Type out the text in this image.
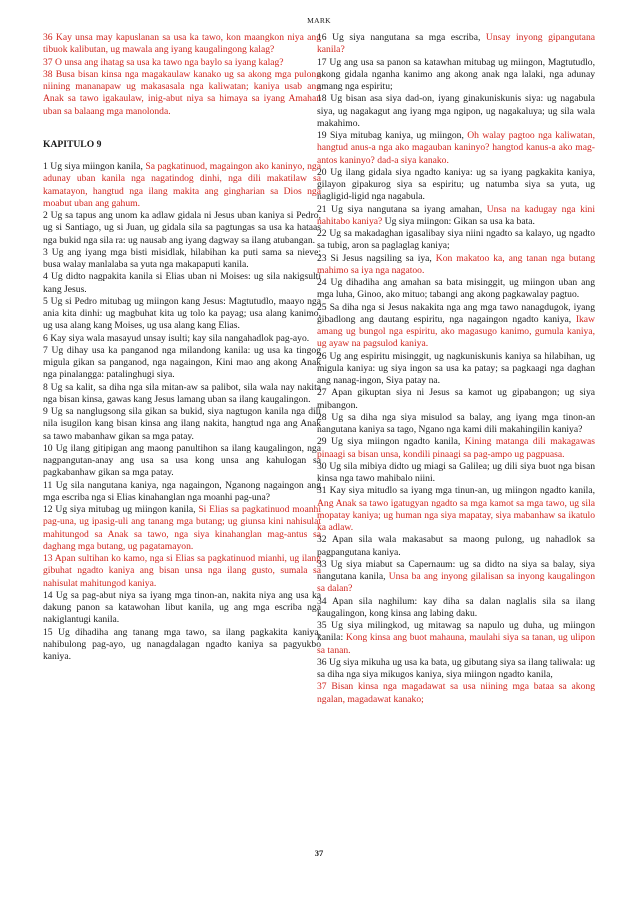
MARK

36 Kay unsa may kapuslanan sa usa ka tawo, kon maangkon niya ang tibuok kalibutan, ug mawala ang iyang kaugalingong kalag?

37 O unsa ang ihatag sa usa ka tawo nga baylo sa iyang kalag?

38 Busa bisan kinsa nga magakaulaw kanako ug sa akong mga pulong niining mananapaw ug makasasala nga kaliwatan; kaniya usab ang Anak sa tawo igakaulaw, inig-abut niya sa himaya sa iyang Amahan uban sa balaang mga manolonda.

KAPITULO 9

1 Ug siya miingon kanila, Sa pagkatinuod, magaingon ako kaninyo, nga adunay uban kanila nga nagatindog dinhi, nga dili makatilaw sa kamatayon, hangtud nga ilang makita ang gingharian sa Dios nga moabut uban ang gahum.

2 Ug sa tapus ang unom ka adlaw gidala ni Jesus uban kaniya si Pedro, ug si Santiago, ug si Juan, ug gidala sila sa pagtungas sa usa ka hataas nga bukid nga sila ra: ug nausab ang iyang dagway sa ilang atubangan.

3 Ug ang iyang mga bisti misidlak, hilabihan ka puti sama sa nieve; busa walay manlalaba sa yuta nga makapaputi kanila.

4 Ug didto nagpakita kanila si Elias uban ni Moises: ug sila nakigsulti kang Jesus.

5 Ug si Pedro mitubag ug miingon kang Jesus: Magtutudlo, maayo nga ania kita dinhi: ug magbuhat kita ug tolo ka payag; usa alang kanimo, ug usa alang kang Moises, ug usa alang kang Elias.

6 Kay siya wala masayud unsay isulti; kay sila nangahadlok pag-ayo.

7 Ug dihay usa ka panganod nga milandong kanila: ug usa ka tingog migula gikan sa panganod, nga nagaingon, Kini mao ang akong Anak nga pinalangga: patalinghugi siya.

8 Ug sa kalit, sa diha nga sila mitan-aw sa palibot, sila wala nay nakita nga bisan kinsa, gawas kang Jesus lamang uban sa ilang kaugalingon.

9 Ug sa nanglugsong sila gikan sa bukid, siya nagtugon kanila nga dili nila isugilon kang bisan kinsa ang ilang nakita, hangtud nga ang Anak sa tawo mabanhaw gikan sa mga patay.

10 Ug ilang gitipigan ang maong panultihon sa ilang kaugalingon, nga nagpangutan-anay ang usa sa usa kong unsa ang kahulogan sa pagkabanhaw gikan sa mga patay.

11 Ug sila nangutana kaniya, nga nagaingon, Nganong nagaingon ang mga escriba nga si Elias kinahanglan nga moanhi pag-una?

12 Ug siya mitubag ug miingon kanila, Si Elias sa pagkatinuod moanhi pag-una, ug ipasig-uli ang tanang mga butang; ug giunsa kini nahisulat mahitungod sa Anak sa tawo, nga siya kinahanglan mag-antus sa daghang mga butang, ug pagatamayon.

13 Apan sultihan ko kamo, nga si Elias sa pagkatinuod mianhi, ug ilang gibuhat ngadto kaniya ang bisan unsa nga ilang gusto, sumala sa nahisulat mahitungod kaniya.

14 Ug sa pag-abut niya sa iyang mga tinon-an, nakita niya ang usa ka dakung panon sa katawohan libut kanila, ug ang mga escriba nga nakiglantugi kanila.

15 Ug dihadiha ang tanang mga tawo, sa ilang pagkakita kaniya, nahibulong pag-ayo, ug nanagdalagan ngadto kaniya sa pagyukbo kaniya.

16 Ug siya nangutana sa mga escriba, Unsay inyong gipangutana kanila?

17 Ug ang usa sa panon sa katawhan mitubag ug miingon, Magtutudlo, akong gidala nganha kanimo ang akong anak nga lalaki, nga adunay amang nga espiritu;

18 Ug bisan asa siya dad-on, iyang ginakuniskunis siya: ug nagabula siya, ug nagakagut ang iyang mga ngipon, ug nagakaluya; ug sila wala makahimo.

19 Siya mitubag kaniya, ug miingon, Oh walay pagtoo nga kaliwatan, hangtud anus-a nga ako magauban kaninyo? hangtod kanus-a ako mag-antos kaninyo? dad-a siya kanako.

20 Ug ilang gidala siya ngadto kaniya: ug sa iyang pagkakita kaniya, gilayon gipakurog siya sa espiritu; ug natumba siya sa yuta, ug nagligid-ligid nga nagabula.

21 Ug siya nangutana sa iyang amahan, Unsa na kadugay nga kini nahitabo kaniya? Ug siya miingon: Gikan sa usa ka bata.

22 Ug sa makadaghan igasalibay siya niini ngadto sa kalayo, ug ngadto sa tubig, aron sa paglaglag kaniya;

23 Si Jesus nagsiling sa iya, Kon makatoo ka, ang tanan nga butang mahimo sa iya nga nagatoo.

24 Ug dihadiha ang amahan sa bata misinggit, ug miingon uban ang mga luha, Ginoo, ako mituo; tabangi ang akong pagkawalay pagtuo.

25 Sa diha nga si Jesus nakakita nga ang mga tawo nanagdugok, iyang gibadlong ang dautang espiritu, nga nagaingon ngadto kaniya, Ikaw amang ug bungol nga espiritu, ako magasugo kanimo, gumula kaniya, ug ayaw na pagsulod kaniya.

26 Ug ang espiritu misinggit, ug nagkuniskunis kaniya sa hilabihan, ug migula kaniya: ug siya ingon sa usa ka patay; sa pagkaagi nga daghan ang nanag-ingon, Siya patay na.

27 Apan gikuptan siya ni Jesus sa kamot ug gipabangon; ug siya mibangon.

28 Ug sa diha nga siya misulod sa balay, ang iyang mga tinon-an nangutana kaniya sa tago, Ngano nga kami dili makahingilin kaniya?

29 Ug siya miingon ngadto kanila, Kining matanga dili makagawas pinaagi sa bisan unsa, kondili pinaagi sa pag-ampo ug pagpuasa.

30 Ug sila mibiya didto ug miagi sa Galilea; ug dili siya buot nga bisan kinsa nga tawo mahibalo niini.

31 Kay siya mitudlo sa iyang mga tinun-an, ug miingon ngadto kanila, Ang Anak sa tawo igatugyan ngadto sa mga kamot sa mga tawo, ug sila mopatay kaniya; ug human nga siya mapatay, siya mabanhaw sa ikatulo ka adlaw.

32 Apan sila wala makasabut sa maong pulong, ug nahadlok sa pagpangutana kaniya.

33 Ug siya miabut sa Capernaum: ug sa didto na siya sa balay, siya nangutana kanila, Unsa ba ang inyong gilalisan sa inyong kaugalingon sa dalan?

34 Apan sila naghilum: kay diha sa dalan naglalis sila sa ilang kaugalingon, kong kinsa ang labing daku.

35 Ug siya milingkod, ug mitawag sa napulo ug duha, ug miingon kanila: Kong kinsa ang buot mahauna, maulahi siya sa tanan, ug ulipon sa tanan.

36 Ug siya mikuha ug usa ka bata, ug gibutang siya sa ilang taliwala: ug sa diha nga siya mikugos kaniya, siya miingon ngadto kanila,

37 Bisan kinsa nga magadawat sa usa niining mga bataa sa akong ngalan, magadawat kanako;

37
